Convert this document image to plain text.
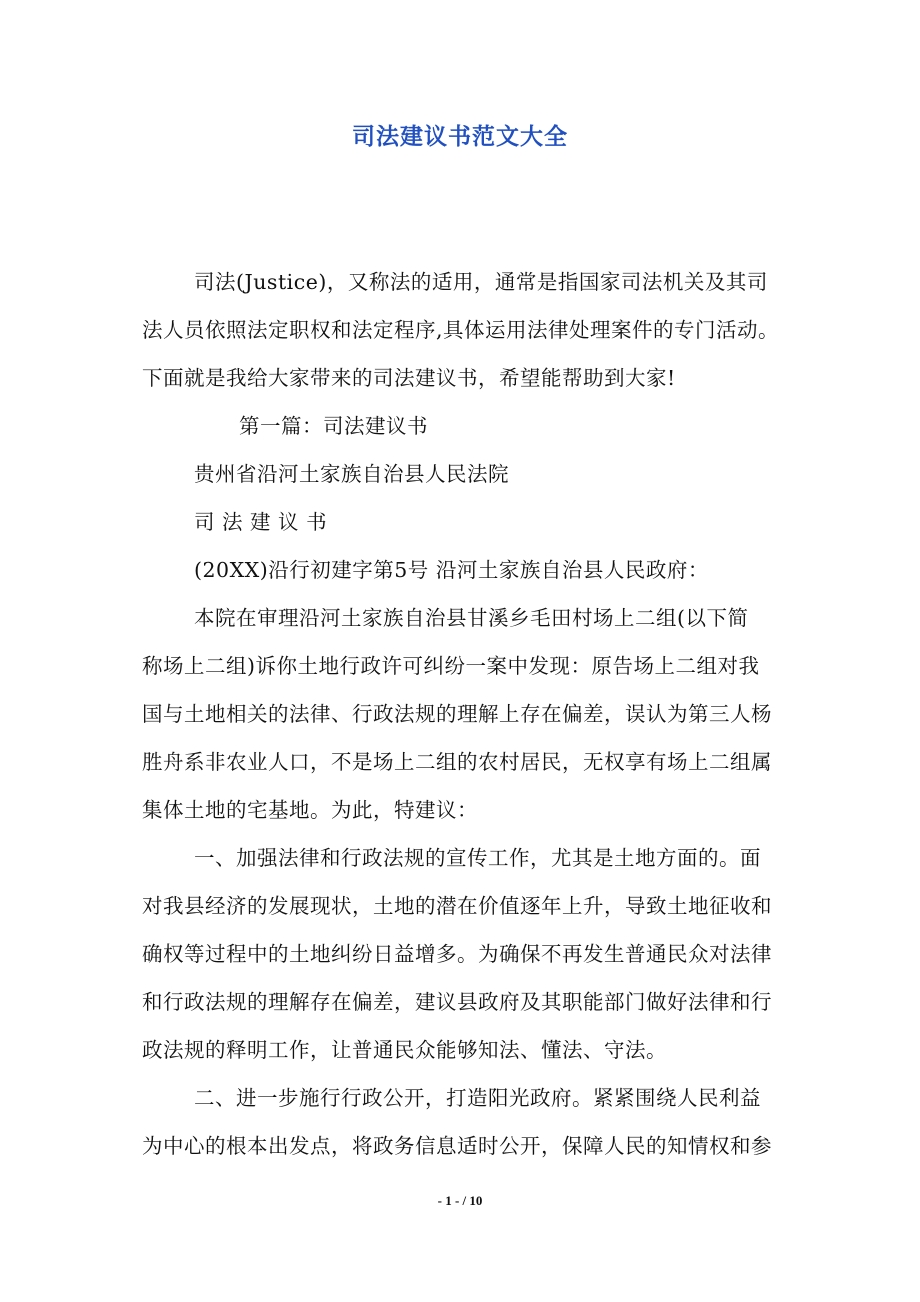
司法建议书范文大全
司法(Justice)，又称法的适用，通常是指国家司法机关及其司
法人员依照法定职权和法定程序,具体运用法律处理案件的专门活动。
下面就是我给大家带来的司法建议书，希望能帮助到大家!
第一篇：司法建议书
贵州省沿河土家族自治县人民法院
司 法 建 议 书
(20XX)沿行初建字第5号 沿河土家族自治县人民政府：
本院在审理沿河土家族自治县甘溪乡毛田村场上二组(以下简
称场上二组)诉你土地行政许可纠纷一案中发现：原告场上二组对我
国与土地相关的法律、行政法规的理解上存在偏差，误认为第三人杨
胜舟系非农业人口，不是场上二组的农村居民，无权享有场上二组属
集体土地的宅基地。为此，特建议：
一、加强法律和行政法规的宣传工作，尤其是土地方面的。面
对我县经济的发展现状，土地的潜在价值逐年上升，导致土地征收和
确权等过程中的土地纠纷日益增多。为确保不再发生普通民众对法律
和行政法规的理解存在偏差，建议县政府及其职能部门做好法律和行
政法规的释明工作，让普通民众能够知法、懂法、守法。
二、进一步施行行政公开，打造阳光政府。紧紧围绕人民利益
为中心的根本出发点，将政务信息适时公开，保障人民的知情权和参
- 1 - / 10
